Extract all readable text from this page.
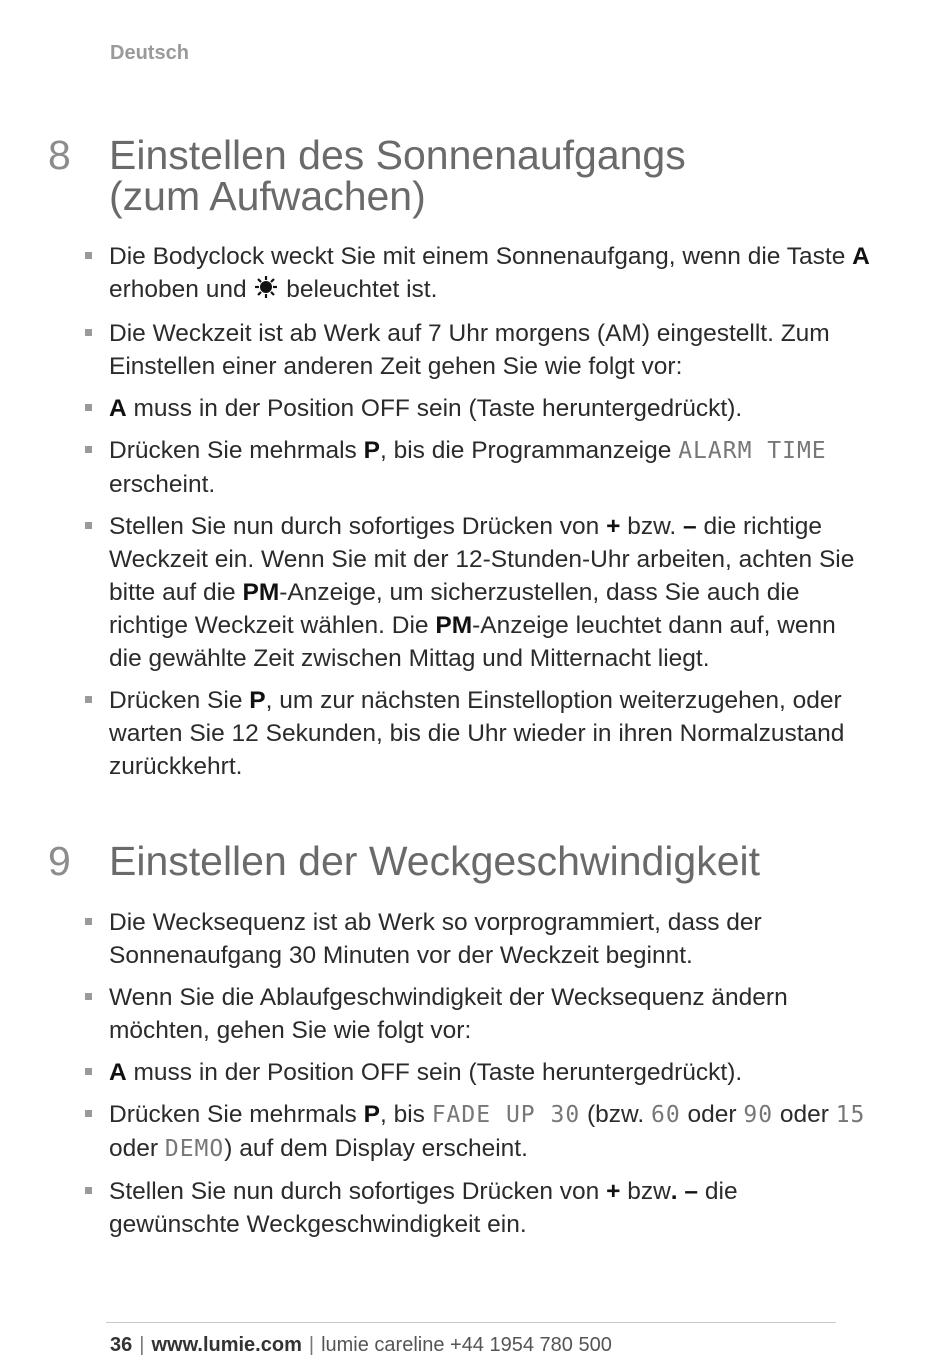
Deutsch
8 Einstellen des Sonnenaufgangs
(zum Aufwachen)
Die Bodyclock weckt Sie mit einem Sonnenaufgang, wenn die Taste A erhoben und  beleuchtet ist.
Die Weckzeit ist ab Werk auf 7 Uhr morgens (AM) eingestellt. Zum Einstellen einer anderen Zeit gehen Sie wie folgt vor:
A muss in der Position OFF sein (Taste heruntergedrückt).
Drücken Sie mehrmals P, bis die Programmanzeige ALARM TIME erscheint.
Stellen Sie nun durch sofortiges Drücken von + bzw. – die richtige Weckzeit ein. Wenn Sie mit der 12-Stunden-Uhr arbeiten, achten Sie bitte auf die PM-Anzeige, um sicherzustellen, dass Sie auch die richtige Weckzeit wählen. Die PM-Anzeige leuchtet dann auf, wenn die gewählte Zeit zwischen Mittag und Mitternacht liegt.
Drücken Sie P, um zur nächsten Einstelloption weiterzugehen, oder warten Sie 12 Sekunden, bis die Uhr wieder in ihren Normalzustand zurückkehrt.
9 Einstellen der Weckgeschwindigkeit
Die Wecksequenz ist ab Werk so vorprogrammiert, dass der Sonnenaufgang 30 Minuten vor der Weckzeit beginnt.
Wenn Sie die Ablaufgeschwindigkeit der Wecksequenz ändern möchten, gehen Sie wie folgt vor:
A muss in der Position OFF sein (Taste heruntergedrückt).
Drücken Sie mehrmals P, bis FADE UP 30 (bzw. 60 oder 90 oder 15 oder DEMO) auf dem Display erscheint.
Stellen Sie nun durch sofortiges Drücken von + bzw. – die gewünschte Weckgeschwindigkeit ein.
36 | www.lumie.com | lumie careline +44 1954 780 500
